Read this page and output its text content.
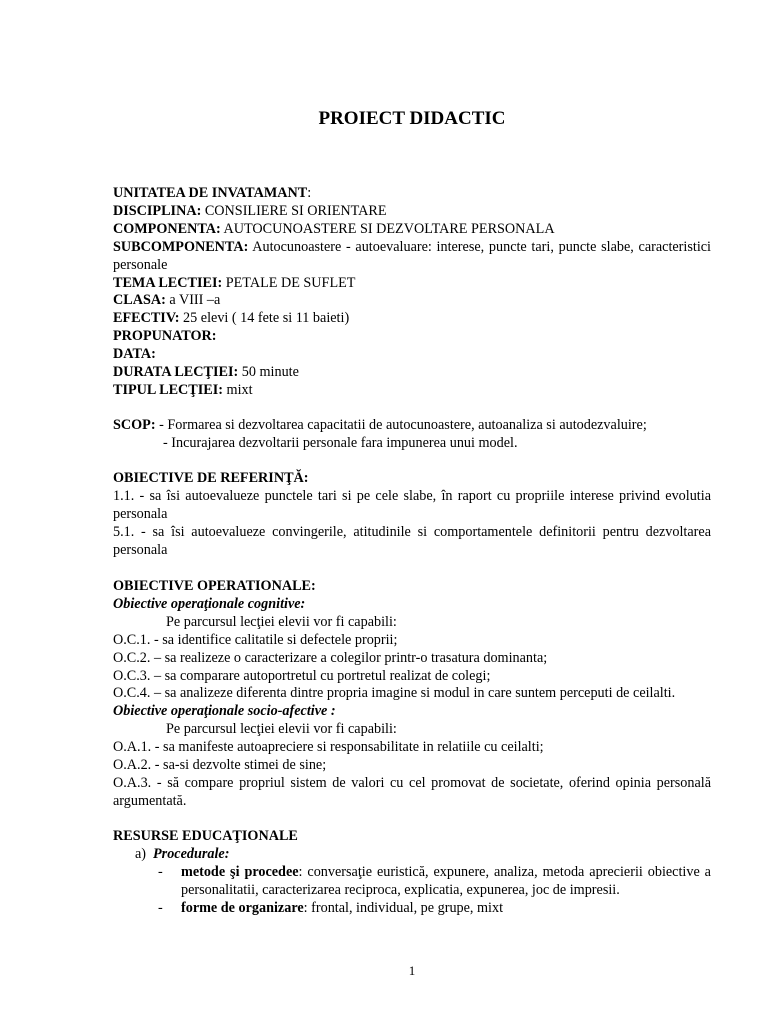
PROIECT DIDACTIC
UNITATEA DE INVATAMANT:
DISCIPLINA: CONSILIERE SI ORIENTARE
COMPONENTA: AUTOCUNOASTERE SI DEZVOLTARE PERSONALA
SUBCOMPONENTA: Autocunoastere - autoevaluare: interese, puncte tari, puncte slabe, caracteristici personale
TEMA LECTIEI: PETALE DE SUFLET
CLASA: a VIII –a
EFECTIV: 25 elevi ( 14 fete si 11 baieti)
PROPUNATOR:
DATA:
DURATA LECŢIEI: 50 minute
TIPUL LECŢIEI: mixt
SCOP: - Formarea si dezvoltarea capacitatii de autocunoastere, autoanaliza si autodezvaluire;
- Incurajarea dezvoltarii personale fara impunerea unui model.
OBIECTIVE DE REFERINŢĂ:
1.1. - sa îsi autoevalueze punctele tari si pe cele slabe, în raport cu propriile interese privind evolutia personala
5.1. - sa îsi autoevalueze convingerile, atitudinile si comportamentele definitorii pentru dezvoltarea personala
OBIECTIVE OPERATIONALE:
Obiective operaţionale cognitive:
Pe parcursul lecţiei elevii vor fi capabili:
O.C.1. - sa identifice calitatile si defectele proprii;
O.C.2. – sa realizeze o caracterizare a colegilor printr-o trasatura dominanta;
O.C.3. – sa comparare autoportretul cu portretul realizat de colegi;
O.C.4. – sa analizeze diferenta dintre propria imagine si modul in care suntem perceputi de ceilalti.
Obiective operaţionale socio-afective :
Pe parcursul lecţiei elevii vor fi capabili:
O.A.1. - sa manifeste autoapreciere si responsabilitate in relatiile cu ceilalti;
O.A.2. - sa-si dezvolte stimei de sine;
O.A.3. - să compare propriul sistem de valori cu cel promovat de societate, oferind opinia personală argumentată.
RESURSE EDUCAŢIONALE
a) Procedurale:
- metode şi procedee: conversaţie euristică, expunere, analiza, metoda aprecierii obiective a personalitatii, caracterizarea reciproca, explicatia, expunerea, joc de impresii.
- forme de organizare: frontal, individual, pe grupe, mixt
1
